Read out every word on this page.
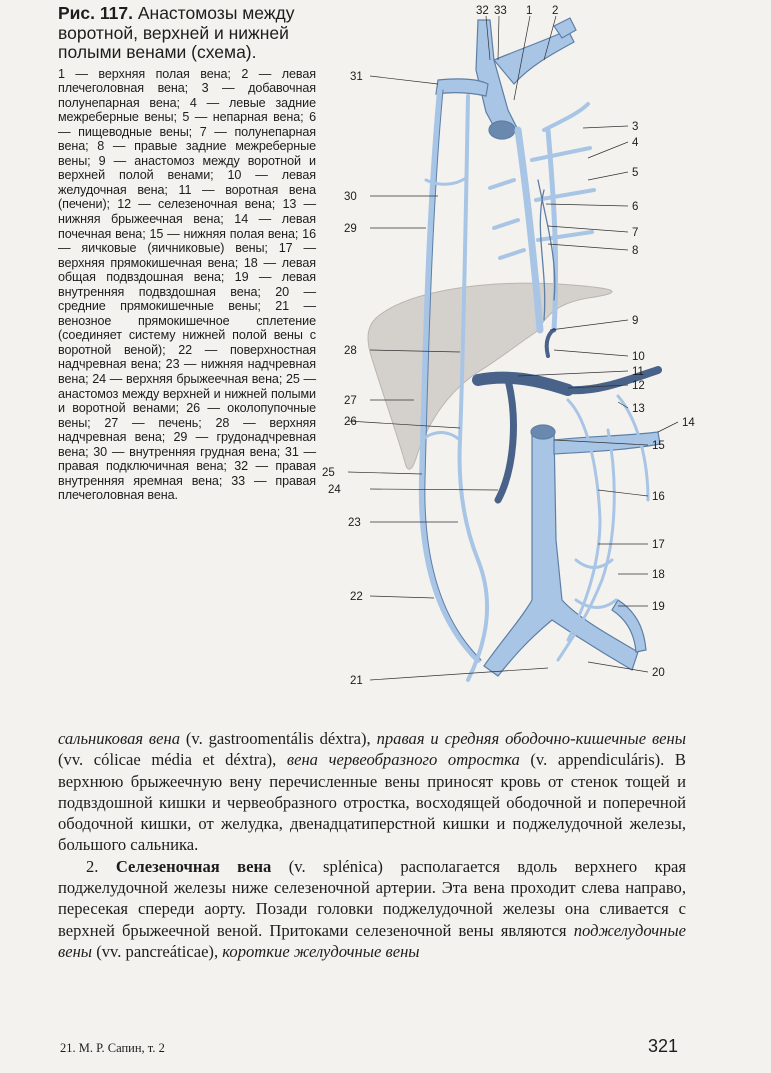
Рис. 117. Анастомозы между воротной, верхней и нижней полыми венами (схема).

1 — верхняя полая вена; 2 — левая плечеголовная вена; 3 — добавочная полунепарная вена; 4 — левые задние межреберные вены; 5 — непарная вена; 6 — пищеводные вены; 7 — полунепарная вена; 8 — правые задние межреберные вены; 9 — анастомоз между воротной и верхней полой венами; 10 — левая желудочная вена; 11 — воротная вена (печени); 12 — селезеночная вена; 13 — нижняя брыжеечная вена; 14 — левая почечная вена; 15 — нижняя полая вена; 16 — яичковые (яичниковые) вены; 17 — верхняя прямокишечная вена; 18 — левая общая подвздошная вена; 19 — левая внутренняя подвздошная вена; 20 — средние прямокишечные вены; 21 — венозное прямокишечное сплетение (соединяет систему нижней полой вены с воротной веной); 22 — поверхностная надчревная вена; 23 — нижняя надчревная вена; 24 — верхняя брыжеечная вена; 25 — анастомоз между верхней и нижней полыми и воротной венами; 26 — околопупочные вены; 27 — печень; 28 — верхняя надчревная вена; 29 — грудонадчревная вена; 30 — внутренняя грудная вена; 31 — правая подключичная вена; 32 — правая внутренняя яремная вена; 33 — правая плечеголовная вена.

32 33 1 2
31
3
4
5
30
6
29	7
8
9
28	10
11
12
27
13
26	14
15
25
24
16
23
17
18
22
19
20
21

сальниковая вена (v. gastroomentális déxtra), правая и средняя ободочно-кишечные вены (vv. cólicae média et déxtra), вена червеобразного отростка (v. appendiculáris). В верхнюю брыжеечную вену перечисленные вены приносят кровь от стенок тощей и подвздошной кишки и червеобразного отростка, восходящей ободочной и поперечной ободочной кишки, от желудка, двенадцатиперстной кишки и поджелудочной железы, большого сальника.

2. Селезеночная вена (v. splénica) располагается вдоль верхнего края поджелудочной железы ниже селезеночной артерии. Эта вена проходит слева направо, пересекая спереди аорту. Позади головки поджелудочной железы она сливается с верхней брыжеечной веной. Притоками селезеночной вены являются поджелудочные вены (vv. pancreáticae), короткие желудочные вены

21. М. Р. Сапин, т. 2	321
